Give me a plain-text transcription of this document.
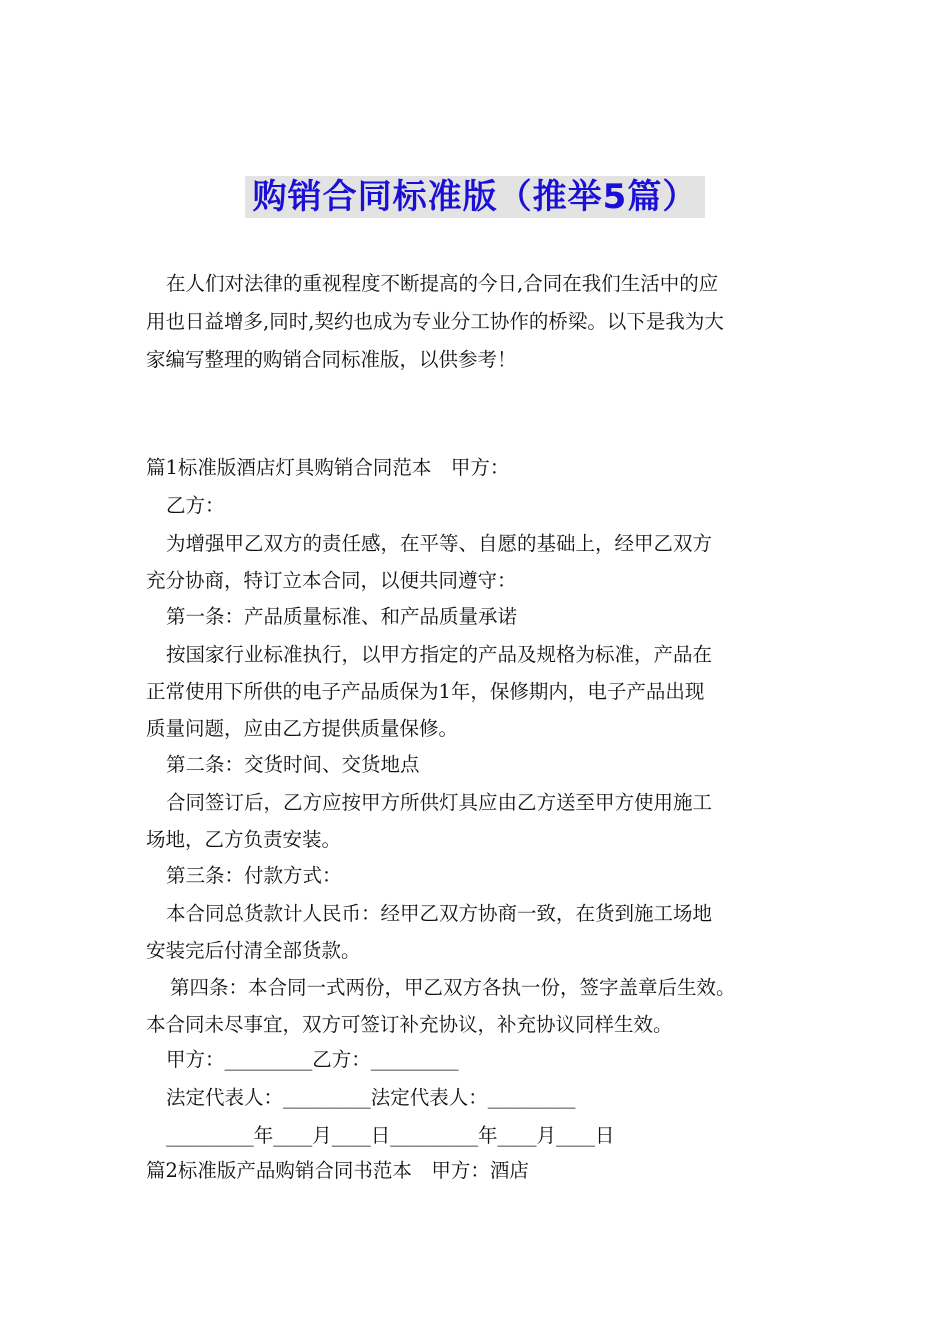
购销合同标准版（推举5篇）
在人们对法律的重视程度不断提高的今日,合同在我们生活中的应
用也日益增多,同时,契约也成为专业分工协作的桥梁。以下是我为大
家编写整理的购销合同标准版，以供参考！
篇1标准版酒店灯具购销合同范本　甲方：
乙方：
为增强甲乙双方的责任感，在平等、自愿的基础上，经甲乙双方
充分协商，特订立本合同，以便共同遵守：
第一条：产品质量标准、和产品质量承诺
按国家行业标准执行，以甲方指定的产品及规格为标准，产品在
正常使用下所供的电子产品质保为1年，保修期内，电子产品出现
质量问题，应由乙方提供质量保修。
第二条：交货时间、交货地点
合同签订后，乙方应按甲方所供灯具应由乙方送至甲方使用施工
场地，乙方负责安装。
第三条：付款方式：
本合同总货款计人民币：经甲乙双方协商一致，在货到施工场地
安装完后付清全部货款。
第四条：本合同一式两份，甲乙双方各执一份，签字盖章后生效。
本合同未尽事宜，双方可签订补充协议，补充协议同样生效。
甲方：_________乙方：_________
法定代表人：_________法定代表人：_________
_________年____月____日_________年____月____日
篇2标准版产品购销合同书范本　甲方：酒店
